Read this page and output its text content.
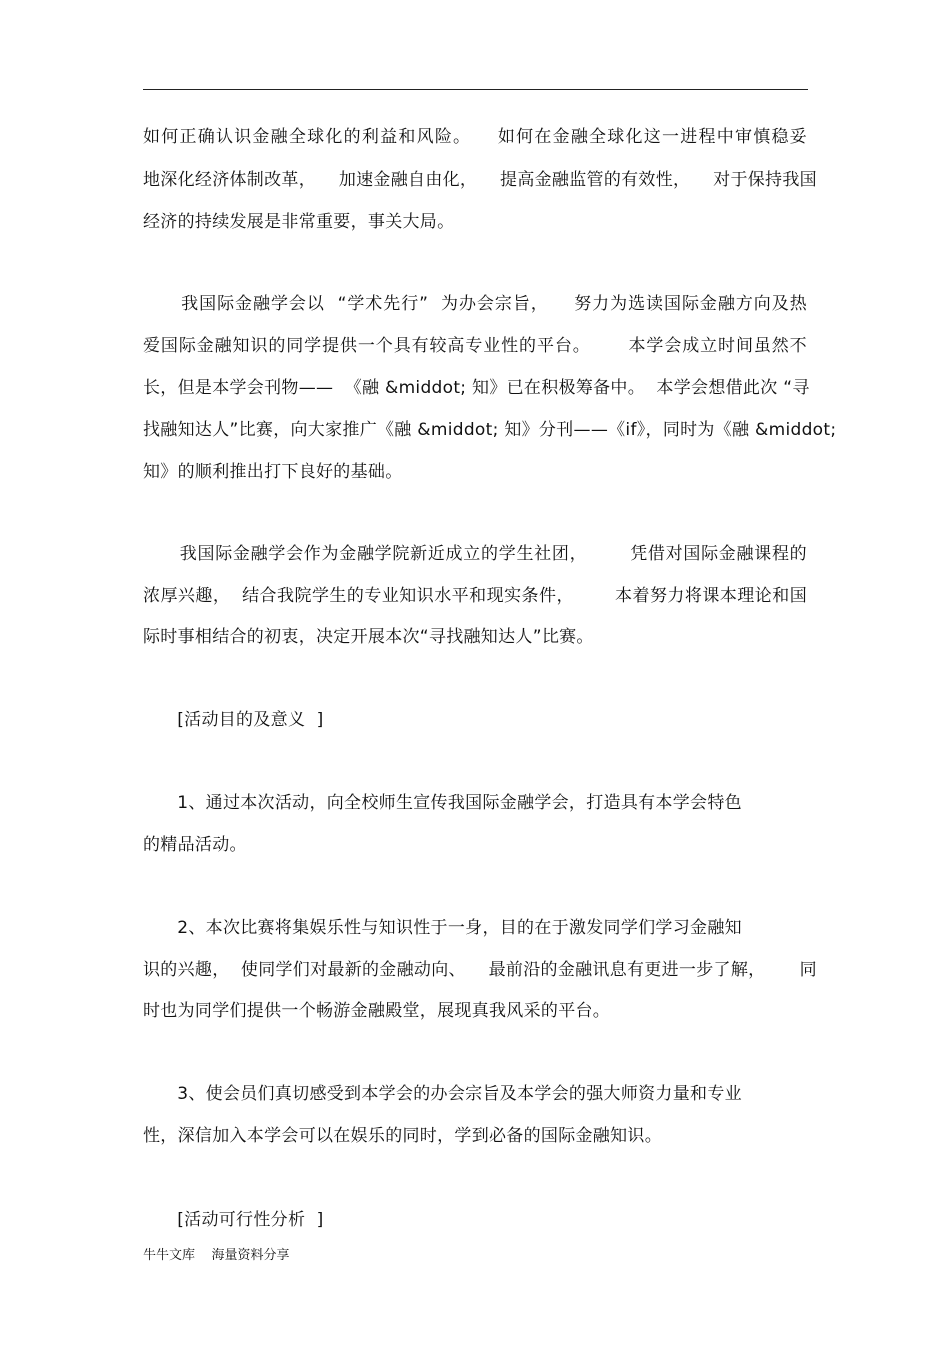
如何正确认识金融全球化的利益和风险。    如何在金融全球化这一进程中审慎稳妥
地深化经济体制改革，    加速金融自由化，    提高金融监管的有效性，    对于保持我国
经济的持续发展是非常重要，事关大局。
我国际金融学会以  “学术先行”  为办会宗旨，    努力为选读国际金融方向及热
爱国际金融知识的同学提供一个具有较高专业性的平台。      本学会成立时间虽然不
长，但是本学会刊物——  《融 &middot; 知》已在积极筹备中。  本学会想借此次 “寻
找融知达人”比赛，向大家推广《融 &middot; 知》分刊——《if》，同时为《融 &middot;
知》的顺利推出打下良好的基础。
我国际金融学会作为金融学院新近成立的学生社团，       凭借对国际金融课程的
浓厚兴趣，  结合我院学生的专业知识水平和现实条件，       本着努力将课本理论和国
际时事相结合的初衷，决定开展本次“寻找融知达人”比赛。
[活动目的及意义  ]
1、通过本次活动，向全校师生宣传我国际金融学会，打造具有本学会特色
的精品活动。
2、本次比赛将集娱乐性与知识性于一身，目的在于激发同学们学习金融知
识的兴趣，  使同学们对最新的金融动向、    最前沿的金融讯息有更进一步了解，      同
时也为同学们提供一个畅游金融殿堂，展现真我风采的平台。
3、使会员们真切感受到本学会的办会宗旨及本学会的强大师资力量和专业
性，深信加入本学会可以在娱乐的同时，学到必备的国际金融知识。
[活动可行性分析  ]
牛牛文库    海量资料分享
